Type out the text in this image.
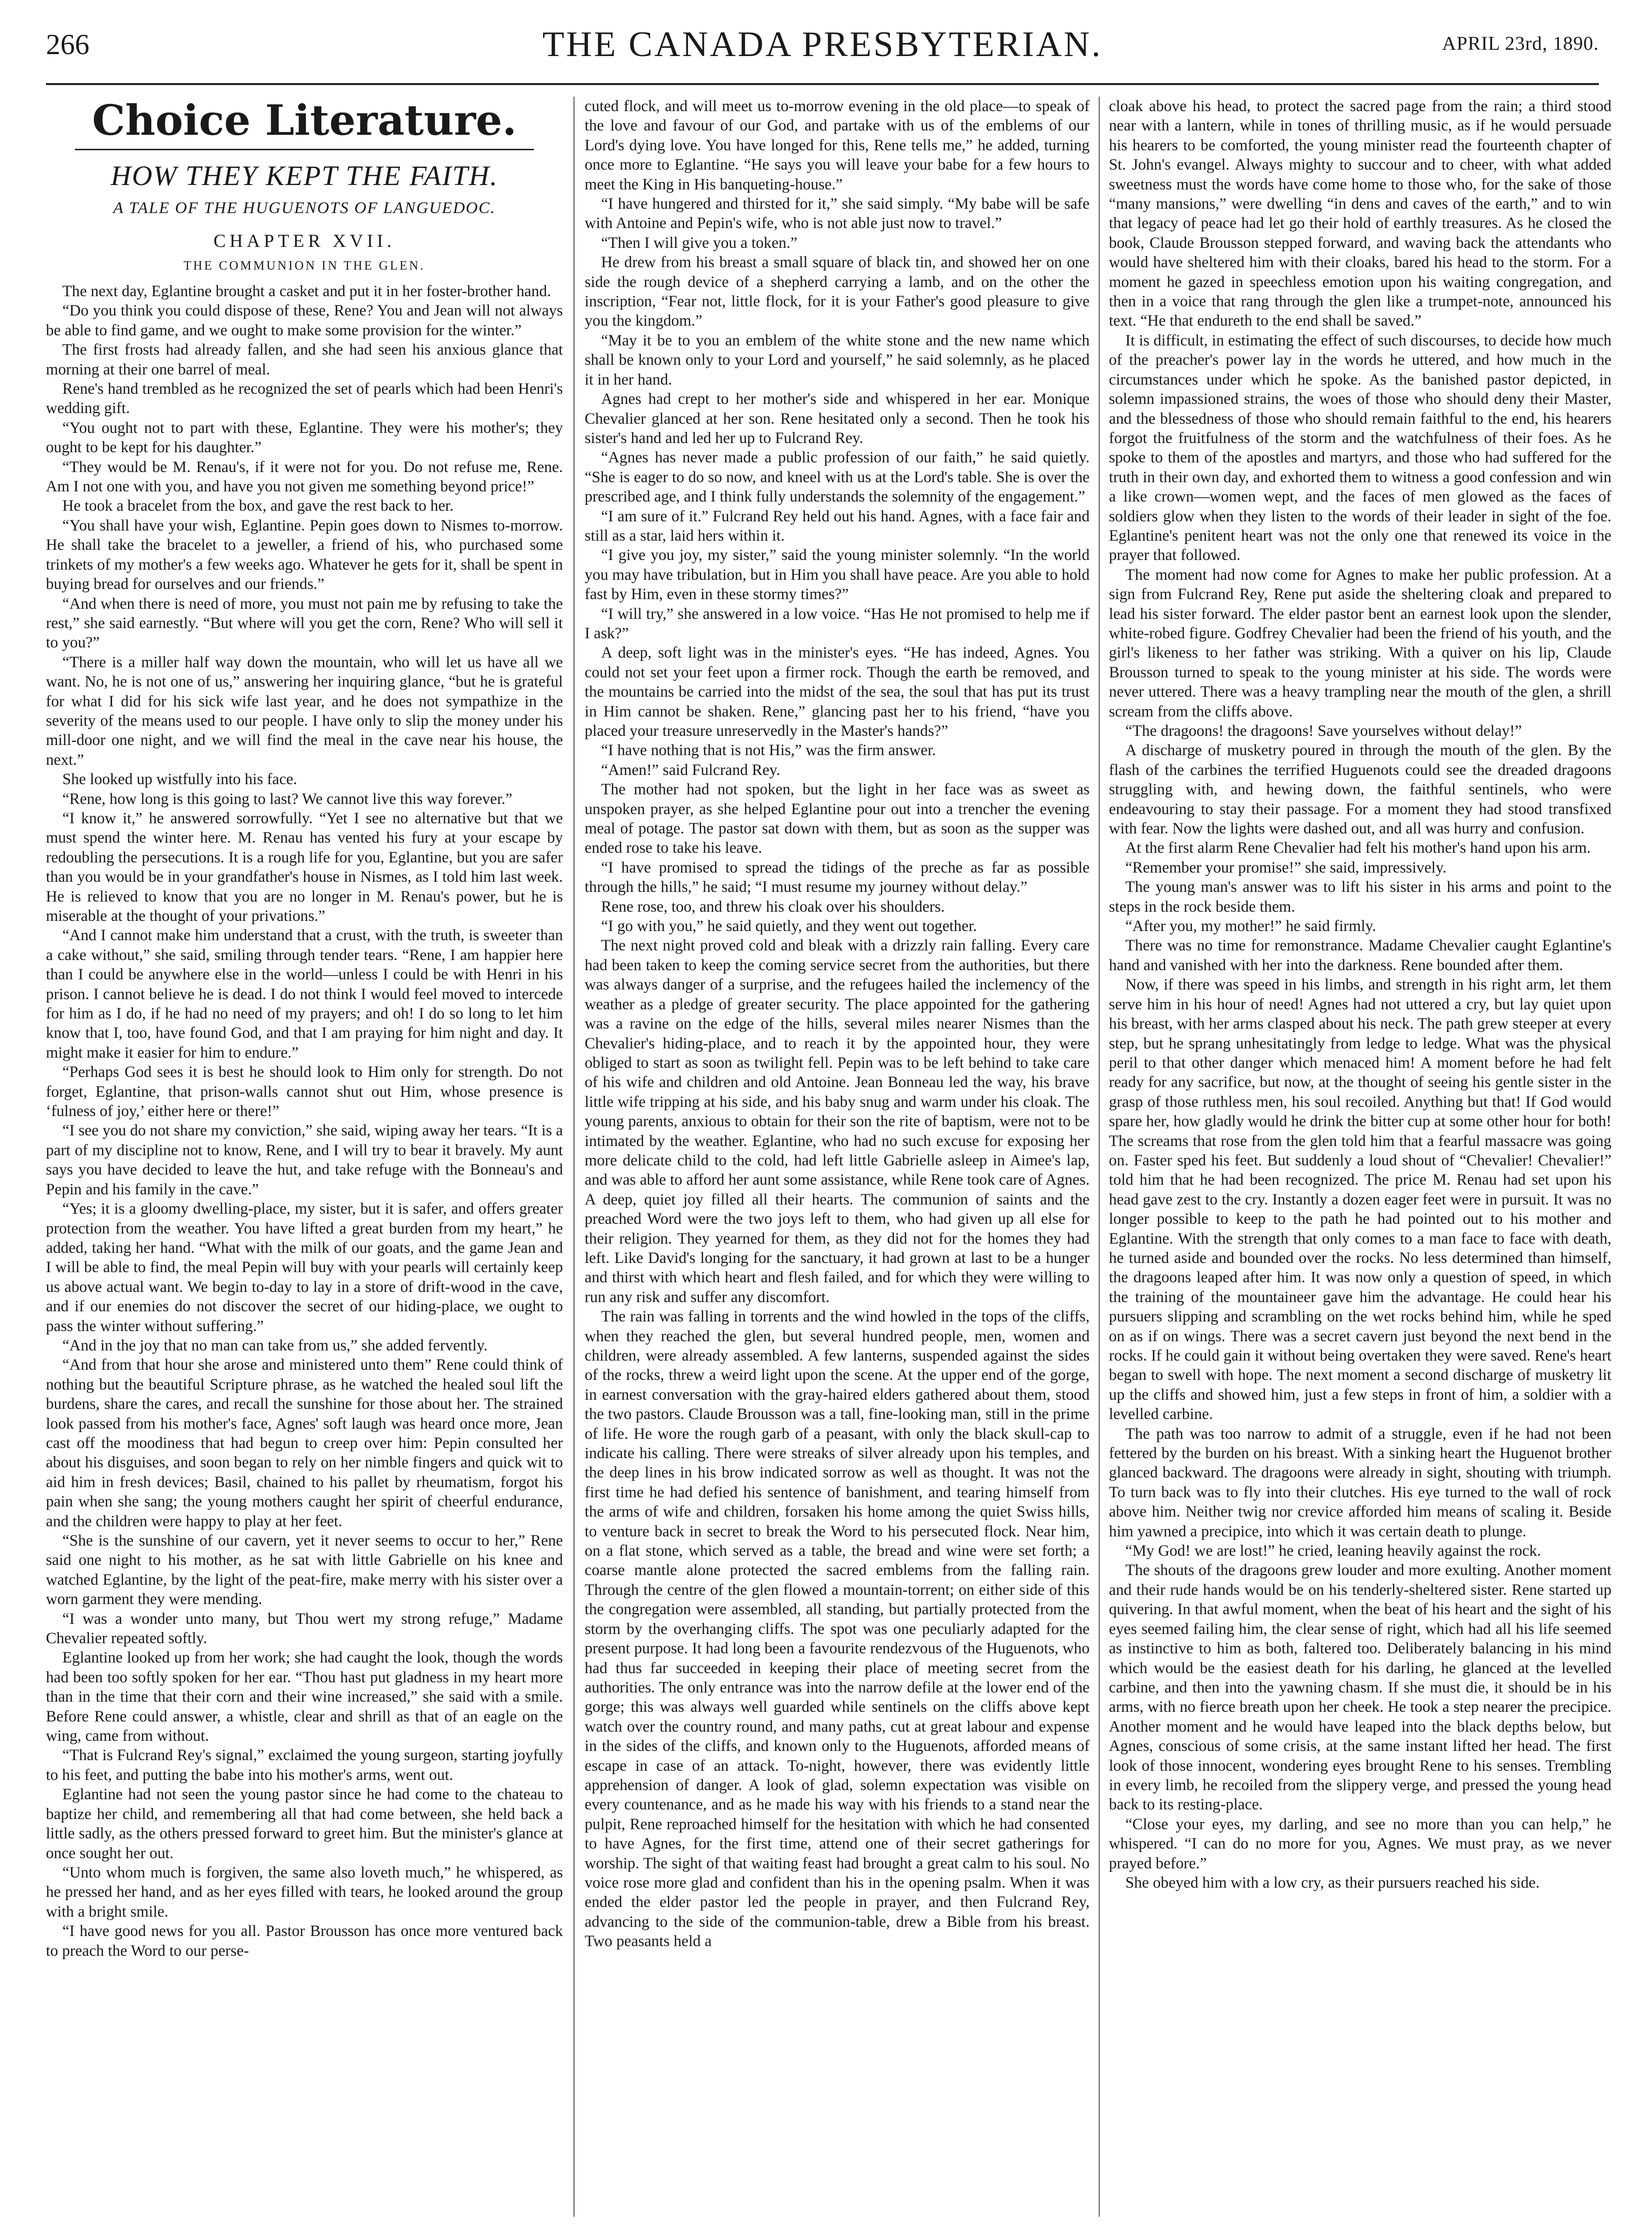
266	THE CANADA PRESBYTERIAN.	APRIL 23rd, 1890.
Choice Literature.
HOW THEY KEPT THE FAITH.
A TALE OF THE HUGUENOTS OF LANGUEDOC.
CHAPTER XVII.
THE COMMUNION IN THE GLEN.

The next day, Eglantine brought a casket and put it in her foster-brother hand.

“Do you think you could dispose of these, Rene? You and Jean will not always be able to find game, and we ought to make some provision for the winter.”

The first frosts had already fallen, and she had seen his anxious glance that morning at their one barrel of meal.

Rene's hand trembled as he recognized the set of pearls which had been Henri's wedding gift.

“You ought not to part with these, Eglantine. They were his mother's; they ought to be kept for his daughter.”

“They would be M. Renau's, if it were not for you. Do not refuse me, Rene. Am I not one with you, and have you not given me something beyond price!”

He took a bracelet from the box, and gave the rest back to her.

“You shall have your wish, Eglantine. Pepin goes down to Nismes to-morrow. He shall take the bracelet to a jeweller, a friend of his, who purchased some trinkets of my mother's a few weeks ago. Whatever he gets for it, shall be spent in buying bread for ourselves and our friends.”

“And when there is need of more, you must not pain me by refusing to take the rest,” she said earnestly. “But where will you get the corn, Rene? Who will sell it to you?”

“There is a miller half way down the mountain, who will let us have all we want. No, he is not one of us,” answering her inquiring glance, “but he is grateful for what I did for his sick wife last year, and he does not sympathize in the severity of the means used to our people. I have only to slip the money under his mill-door one night, and we will find the meal in the cave near his house, the next.”

She looked up wistfully into his face.

“Rene, how long is this going to last? We cannot live this way forever.”

“I know it,” he answered sorrowfully. “Yet I see no alternative but that we must spend the winter here. M. Renau has vented his fury at your escape by redoubling the persecutions. It is a rough life for you, Eglantine, but you are safer than you would be in your grandfather's house in Nismes, as I told him last week. He is relieved to know that you are no longer in M. Renau's power, but he is miserable at the thought of your privations.”

“And I cannot make him understand that a crust, with the truth, is sweeter than a cake without,” she said, smiling through tender tears. “Rene, I am happier here than I could be anywhere else in the world—unless I could be with Henri in his prison. I cannot believe he is dead. I do not think I would feel moved to intercede for him as I do, if he had no need of my prayers; and oh! I do so long to let him know that I, too, have found God, and that I am praying for him night and day. It might make it easier for him to endure.”

“Perhaps God sees it is best he should look to Him only for strength. Do not forget, Eglantine, that prison-walls cannot shut out Him, whose presence is ‘fulness of joy,’ either here or there!”

“I see you do not share my conviction,” she said, wiping away her tears. “It is a part of my discipline not to know, Rene, and I will try to bear it bravely. My aunt says you have decided to leave the hut, and take refuge with the Bonneau's and Pepin and his family in the cave.”

“Yes; it is a gloomy dwelling-place, my sister, but it is safer, and offers greater protection from the weather. You have lifted a great burden from my heart,” he added, taking her hand. “What with the milk of our goats, and the game Jean and I will be able to find, the meal Pepin will buy with your pearls will certainly keep us above actual want. We begin to-day to lay in a store of drift-wood in the cave, and if our enemies do not discover the secret of our hiding-place, we ought to pass the winter without suffering.”

“And in the joy that no man can take from us,” she added fervently.

“And from that hour she arose and ministered unto them” Rene could think of nothing but the beautiful Scripture phrase, as he watched the healed soul lift the burdens, share the cares, and recall the sunshine for those about her. The strained look passed from his mother's face, Agnes' soft laugh was heard once more, Jean cast off the moodiness that had begun to creep over him: Pepin consulted her about his disguises, and soon began to rely on her nimble fingers and quick wit to aid him in fresh devices; Basil, chained to his pallet by rheumatism, forgot his pain when she sang; the young mothers caught her spirit of cheerful endurance, and the children were happy to play at her feet.

“She is the sunshine of our cavern, yet it never seems to occur to her,” Rene said one night to his mother, as he sat with little Gabrielle on his knee and watched Eglantine, by the light of the peat-fire, make merry with his sister over a worn garment they were mending.

“I was a wonder unto many, but Thou wert my strong refuge,” Madame Chevalier repeated softly.

Eglantine looked up from her work; she had caught the look, though the words had been too softly spoken for her ear. “Thou hast put gladness in my heart more than in the time that their corn and their wine increased,” she said with a smile. Before Rene could answer, a whistle, clear and shrill as that of an eagle on the wing, came from without.

“That is Fulcrand Rey's signal,” exclaimed the young surgeon, starting joyfully to his feet, and putting the babe into his mother's arms, went out.

Eglantine had not seen the young pastor since he had come to the chateau to baptize her child, and remembering all that had come between, she held back a little sadly, as the others pressed forward to greet him. But the minister's glance at once sought her out.

“Unto whom much is forgiven, the same also loveth much,” he whispered, as he pressed her hand, and as her eyes filled with tears, he looked around the group with a bright smile.

“I have good news for you all. Pastor Brousson has once more ventured back to preach the Word to our perse-

cuted flock, and will meet us to-morrow evening in the old place—to speak of the love and favour of our God, and partake with us of the emblems of our Lord's dying love. You have longed for this, Rene tells me,” he added, turning once more to Eglantine. “He says you will leave your babe for a few hours to meet the King in His banqueting-house.”

“I have hungered and thirsted for it,” she said simply. “My babe will be safe with Antoine and Pepin's wife, who is not able just now to travel.”

“Then I will give you a token.”

He drew from his breast a small square of black tin, and showed her on one side the rough device of a shepherd carrying a lamb, and on the other the inscription, “Fear not, little flock, for it is your Father's good pleasure to give you the kingdom.”

“May it be to you an emblem of the white stone and the new name which shall be known only to your Lord and yourself,” he said solemnly, as he placed it in her hand.

Agnes had crept to her mother's side and whispered in her ear. Monique Chevalier glanced at her son. Rene hesitated only a second. Then he took his sister's hand and led her up to Fulcrand Rey.

“Agnes has never made a public profession of our faith,” he said quietly. “She is eager to do so now, and kneel with us at the Lord's table. She is over the prescribed age, and I think fully understands the solemnity of the engagement.”

“I am sure of it.” Fulcrand Rey held out his hand. Agnes, with a face fair and still as a star, laid hers within it.

“I give you joy, my sister,” said the young minister solemnly. “In the world you may have tribulation, but in Him you shall have peace. Are you able to hold fast by Him, even in these stormy times?”

“I will try,” she answered in a low voice. “Has He not promised to help me if I ask?”

A deep, soft light was in the minister's eyes. “He has indeed, Agnes. You could not set your feet upon a firmer rock. Though the earth be removed, and the mountains be carried into the midst of the sea, the soul that has put its trust in Him cannot be shaken. Rene,” glancing past her to his friend, “have you placed your treasure unreservedly in the Master's hands?”

“I have nothing that is not His,” was the firm answer.

“Amen!” said Fulcrand Rey.

The mother had not spoken, but the light in her face was as sweet as unspoken prayer, as she helped Eglantine pour out into a trencher the evening meal of potage. The pastor sat down with them, but as soon as the supper was ended rose to take his leave.

“I have promised to spread the tidings of the preche as far as possible through the hills,” he said; “I must resume my journey without delay.”

Rene rose, too, and threw his cloak over his shoulders.

“I go with you,” he said quietly, and they went out together.

The next night proved cold and bleak with a drizzly rain falling. Every care had been taken to keep the coming service secret from the authorities, but there was always danger of a surprise, and the refugees hailed the inclemency of the weather as a pledge of greater security. The place appointed for the gathering was a ravine on the edge of the hills, several miles nearer Nismes than the Chevalier's hiding-place, and to reach it by the appointed hour, they were obliged to start as soon as twilight fell. Pepin was to be left behind to take care of his wife and children and old Antoine. Jean Bonneau led the way, his brave little wife tripping at his side, and his baby snug and warm under his cloak. The young parents, anxious to obtain for their son the rite of baptism, were not to be intimated by the weather. Eglantine, who had no such excuse for exposing her more delicate child to the cold, had left little Gabrielle asleep in Aimee's lap, and was able to afford her aunt some assistance, while Rene took care of Agnes. A deep, quiet joy filled all their hearts. The communion of saints and the preached Word were the two joys left to them, who had given up all else for their religion. They yearned for them, as they did not for the homes they had left. Like David's longing for the sanctuary, it had grown at last to be a hunger and thirst with which heart and flesh failed, and for which they were willing to run any risk and suffer any discomfort.

The rain was falling in torrents and the wind howled in the tops of the cliffs, when they reached the glen, but several hundred people, men, women and children, were already assembled. A few lanterns, suspended against the sides of the rocks, threw a weird light upon the scene. At the upper end of the gorge, in earnest conversation with the gray-haired elders gathered about them, stood the two pastors. Claude Brousson was a tall, fine-looking man, still in the prime of life. He wore the rough garb of a peasant, with only the black skull-cap to indicate his calling. There were streaks of silver already upon his temples, and the deep lines in his brow indicated sorrow as well as thought. It was not the first time he had defied his sentence of banishment, and tearing himself from the arms of wife and children, forsaken his home among the quiet Swiss hills, to venture back in secret to break the Word to his persecuted flock. Near him, on a flat stone, which served as a table, the bread and wine were set forth; a coarse mantle alone protected the sacred emblems from the falling rain. Through the centre of the glen flowed a mountain-torrent; on either side of this the congregation were assembled, all standing, but partially protected from the storm by the overhanging cliffs. The spot was one peculiarly adapted for the present purpose. It had long been a favourite rendezvous of the Huguenots, who had thus far succeeded in keeping their place of meeting secret from the authorities. The only entrance was into the narrow defile at the lower end of the gorge; this was always well guarded while sentinels on the cliffs above kept watch over the country round, and many paths, cut at great labour and expense in the sides of the cliffs, and known only to the Huguenots, afforded means of escape in case of an attack. To-night, however, there was evidently little apprehension of danger. A look of glad, solemn expectation was visible on every countenance, and as he made his way with his friends to a stand near the pulpit, Rene reproached himself for the hesitation with which he had consented to have Agnes, for the first time, attend one of their secret gatherings for worship. The sight of that waiting feast had brought a great calm to his soul. No voice rose more glad and confident than his in the opening psalm. When it was ended the elder pastor led the people in prayer, and then Fulcrand Rey, advancing to the side of the communion-table, drew a Bible from his breast. Two peasants held a

cloak above his head, to protect the sacred page from the rain; a third stood near with a lantern, while in tones of thrilling music, as if he would persuade his hearers to be comforted, the young minister read the fourteenth chapter of St. John's evangel. Always mighty to succour and to cheer, with what added sweetness must the words have come home to those who, for the sake of those “many mansions,” were dwelling “in dens and caves of the earth,” and to win that legacy of peace had let go their hold of earthly treasures. As he closed the book, Claude Brousson stepped forward, and waving back the attendants who would have sheltered him with their cloaks, bared his head to the storm. For a moment he gazed in speechless emotion upon his waiting congregation, and then in a voice that rang through the glen like a trumpet-note, announced his text. “He that endureth to the end shall be saved.”

It is difficult, in estimating the effect of such discourses, to decide how much of the preacher's power lay in the words he uttered, and how much in the circumstances under which he spoke. As the banished pastor depicted, in solemn impassioned strains, the woes of those who should deny their Master, and the blessedness of those who should remain faithful to the end, his hearers forgot the fruitfulness of the storm and the watchfulness of their foes. As he spoke to them of the apostles and martyrs, and those who had suffered for the truth in their own day, and exhorted them to witness a good confession and win a like crown—women wept, and the faces of men glowed as the faces of soldiers glow when they listen to the words of their leader in sight of the foe. Eglantine's penitent heart was not the only one that renewed its voice in the prayer that followed.

The moment had now come for Agnes to make her public profession. At a sign from Fulcrand Rey, Rene put aside the sheltering cloak and prepared to lead his sister forward. The elder pastor bent an earnest look upon the slender, white-robed figure. Godfrey Chevalier had been the friend of his youth, and the girl's likeness to her father was striking. With a quiver on his lip, Claude Brousson turned to speak to the young minister at his side. The words were never uttered. There was a heavy trampling near the mouth of the glen, a shrill scream from the cliffs above.

“The dragoons! the dragoons! Save yourselves without delay!”

A discharge of musketry poured in through the mouth of the glen. By the flash of the carbines the terrified Huguenots could see the dreaded dragoons struggling with, and hewing down, the faithful sentinels, who were endeavouring to stay their passage. For a moment they had stood transfixed with fear. Now the lights were dashed out, and all was hurry and confusion.

At the first alarm Rene Chevalier had felt his mother's hand upon his arm.

“Remember your promise!” she said, impressively.

The young man's answer was to lift his sister in his arms and point to the steps in the rock beside them.

“After you, my mother!” he said firmly.

There was no time for remonstrance. Madame Chevalier caught Eglantine's hand and vanished with her into the darkness. Rene bounded after them.

Now, if there was speed in his limbs, and strength in his right arm, let them serve him in his hour of need! Agnes had not uttered a cry, but lay quiet upon his breast, with her arms clasped about his neck. The path grew steeper at every step, but he sprang unhesitatingly from ledge to ledge. What was the physical peril to that other danger which menaced him! A moment before he had felt ready for any sacrifice, but now, at the thought of seeing his gentle sister in the grasp of those ruthless men, his soul recoiled. Anything but that! If God would spare her, how gladly would he drink the bitter cup at some other hour for both! The screams that rose from the glen told him that a fearful massacre was going on. Faster sped his feet. But suddenly a loud shout of “Chevalier! Chevalier!” told him that he had been recognized. The price M. Renau had set upon his head gave zest to the cry. Instantly a dozen eager feet were in pursuit. It was no longer possible to keep to the path he had pointed out to his mother and Eglantine. With the strength that only comes to a man face to face with death, he turned aside and bounded over the rocks. No less determined than himself, the dragoons leaped after him. It was now only a question of speed, in which the training of the mountaineer gave him the advantage. He could hear his pursuers slipping and scrambling on the wet rocks behind him, while he sped on as if on wings. There was a secret cavern just beyond the next bend in the rocks. If he could gain it without being overtaken they were saved. Rene's heart began to swell with hope. The next moment a second discharge of musketry lit up the cliffs and showed him, just a few steps in front of him, a soldier with a levelled carbine.

The path was too narrow to admit of a struggle, even if he had not been fettered by the burden on his breast. With a sinking heart the Huguenot brother glanced backward. The dragoons were already in sight, shouting with triumph. To turn back was to fly into their clutches. His eye turned to the wall of rock above him. Neither twig nor crevice afforded him means of scaling it. Beside him yawned a precipice, into which it was certain death to plunge.

“My God! we are lost!” he cried, leaning heavily against the rock.

The shouts of the dragoons grew louder and more exulting. Another moment and their rude hands would be on his tenderly-sheltered sister. Rene started up quivering. In that awful moment, when the beat of his heart and the sight of his eyes seemed failing him, the clear sense of right, which had all his life seemed as instinctive to him as both, faltered too. Deliberately balancing in his mind which would be the easiest death for his darling, he glanced at the levelled carbine, and then into the yawning chasm. If she must die, it should be in his arms, with no fierce breath upon her cheek. He took a step nearer the precipice. Another moment and he would have leaped into the black depths below, but Agnes, conscious of some crisis, at the same instant lifted her head. The first look of those innocent, wondering eyes brought Rene to his senses. Trembling in every limb, he recoiled from the slippery verge, and pressed the young head back to its resting-place.

“Close your eyes, my darling, and see no more than you can help,” he whispered. “I can do no more for you, Agnes. We must pray, as we never prayed before.”

She obeyed him with a low cry, as their pursuers reached his side.
